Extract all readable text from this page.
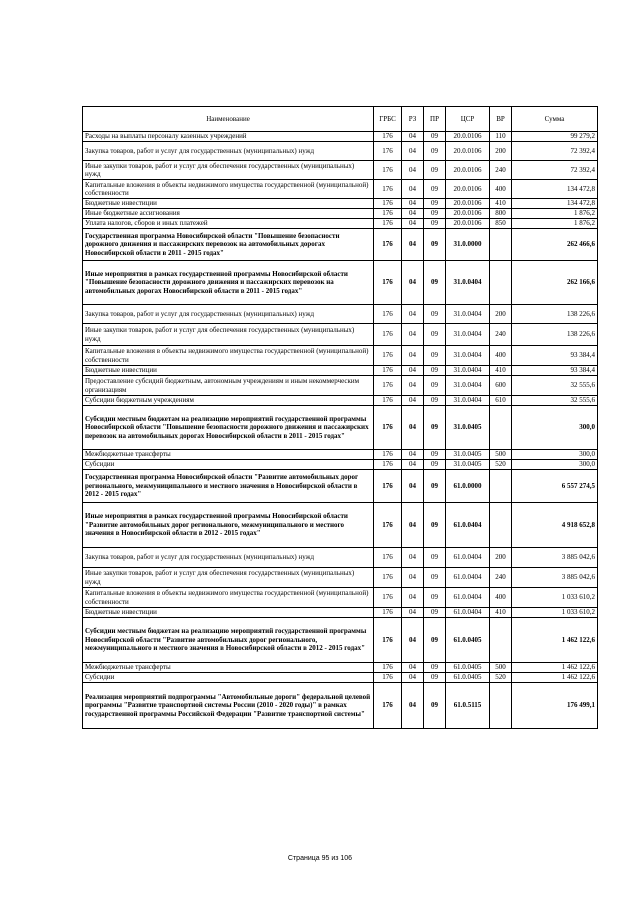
Наименование	ГРБС	РЗ	ПР	ЦСР	ВР	Сумма
Расходы на выплаты персоналу казенных учреждений	176	04	09	20.0.0106	110	99 279,2
Закупка товаров, работ и услуг для государственных (муниципальных) нужд	176	04	09	20.0.0106	200	72 392,4
Иные закупки товаров, работ и услуг для обеспечения государственных (муниципальных) нужд	176	04	09	20.0.0106	240	72 392,4
Капитальные вложения в объекты недвижимого имущества государственной (муниципальной) собственности	176	04	09	20.0.0106	400	134 472,8
Бюджетные инвестиции	176	04	09	20.0.0106	410	134 472,8
Иные бюджетные ассигнования	176	04	09	20.0.0106	800	1 876,2
Уплата налогов, сборов и иных платежей	176	04	09	20.0.0106	850	1 876,2
Государственная программа Новосибирской области "Повышение безопасности дорожного движения и пассажирских перевозок на автомобильных дорогах Новосибирской области в 2011 - 2015 годах"	176	04	09	31.0.0000		262 466,6
Иные мероприятия в рамках государственной программы Новосибирской области "Повышение безопасности дорожного движения и пассажирских перевозок на автомобильных дорогах Новосибирской области в 2011 - 2015 годах"	176	04	09	31.0.0404		262 166,6
Закупка товаров, работ и услуг для государственных (муниципальных) нужд	176	04	09	31.0.0404	200	138 226,6
Иные закупки товаров, работ и услуг для обеспечения государственных (муниципальных) нужд	176	04	09	31.0.0404	240	138 226,6
Капитальные вложения в объекты недвижимого имущества государственной (муниципальной) собственности	176	04	09	31.0.0404	400	93 384,4
Бюджетные инвестиции	176	04	09	31.0.0404	410	93 384,4
Предоставление субсидий бюджетным, автономным учреждениям и иным некоммерческим организациям	176	04	09	31.0.0404	600	32 555,6
Субсидии бюджетным учреждениям	176	04	09	31.0.0404	610	32 555,6
Субсидии местным бюджетам на реализацию мероприятий государственной программы Новосибирской области "Повышение безопасности дорожного движения и пассажирских перевозок на автомобильных дорогах Новосибирской области в 2011 - 2015 годах"	176	04	09	31.0.0405		300,0
Межбюджетные трансферты	176	04	09	31.0.0405	500	300,0
Субсидии	176	04	09	31.0.0405	520	300,0
Государственная программа Новосибирской области "Развитие автомобильных дорог регионального, межмуниципального и местного значения в Новосибирской области в 2012 - 2015 годах"	176	04	09	61.0.0000		6 557 274,5
Иные мероприятия в рамках государственной программы Новосибирской области "Развитие автомобильных дорог регионального, межмуниципального и местного значения в Новосибирской области в 2012 - 2015 годах"	176	04	09	61.0.0404		4 918 652,8
Закупка товаров, работ и услуг для государственных (муниципальных) нужд	176	04	09	61.0.0404	200	3 885 042,6
Иные закупки товаров, работ и услуг для обеспечения государственных (муниципальных) нужд	176	04	09	61.0.0404	240	3 885 042,6
Капитальные вложения в объекты недвижимого имущества государственной (муниципальной) собственности	176	04	09	61.0.0404	400	1 033 610,2
Бюджетные инвестиции	176	04	09	61.0.0404	410	1 033 610,2
Субсидии местным бюджетам на реализацию мероприятий государственной программы Новосибирской области "Развитие автомобильных дорог регионального, межмуниципального и местного значения в Новосибирской области в 2012 - 2015 годах"	176	04	09	61.0.0405		1 462 122,6
Межбюджетные трансферты	176	04	09	61.0.0405	500	1 462 122,6
Субсидии	176	04	09	61.0.0405	520	1 462 122,6
Реализация мероприятий подпрограммы "Автомобильные дороги" федеральной целевой программы "Развитие транспортной системы России (2010 - 2020 годы)" в рамках государственной программы Российской Федерации "Развитие транспортной системы"	176	04	09	61.0.5115		176 499,1
Страница 95 из 106
